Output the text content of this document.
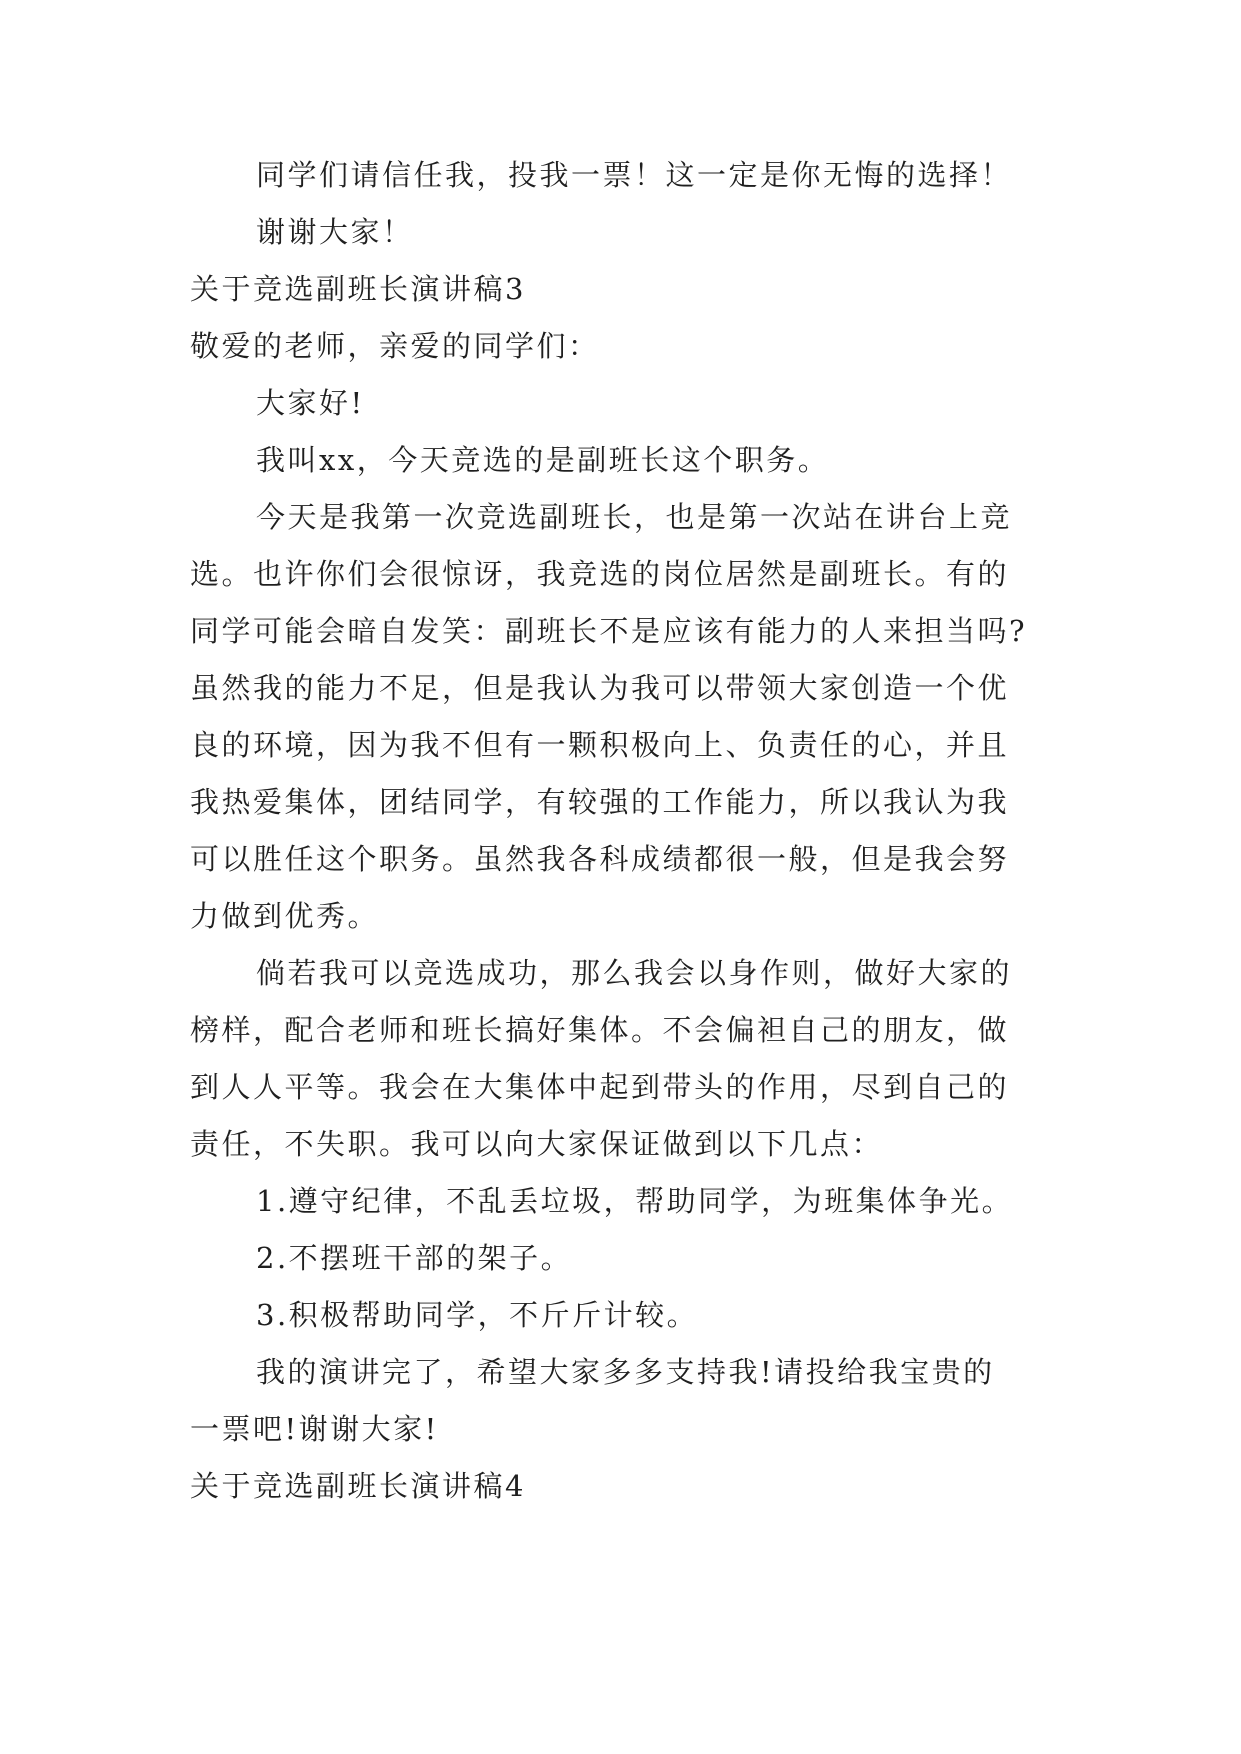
同学们请信任我，投我一票！这一定是你无悔的选择！
谢谢大家！
关于竞选副班长演讲稿3
敬爱的老师，亲爱的同学们：
大家好!
我叫xx，今天竞选的是副班长这个职务。
今天是我第一次竞选副班长，也是第一次站在讲台上竞
选。也许你们会很惊讶，我竞选的岗位居然是副班长。有的
同学可能会暗自发笑：副班长不是应该有能力的人来担当吗?
虽然我的能力不足，但是我认为我可以带领大家创造一个优
良的环境，因为我不但有一颗积极向上、负责任的心，并且
我热爱集体，团结同学，有较强的工作能力，所以我认为我
可以胜任这个职务。虽然我各科成绩都很一般，但是我会努
力做到优秀。
倘若我可以竞选成功，那么我会以身作则，做好大家的
榜样，配合老师和班长搞好集体。不会偏袒自己的朋友，做
到人人平等。我会在大集体中起到带头的作用，尽到自己的
责任，不失职。我可以向大家保证做到以下几点：
1.遵守纪律，不乱丢垃圾，帮助同学，为班集体争光。
2.不摆班干部的架子。
3.积极帮助同学，不斤斤计较。
我的演讲完了，希望大家多多支持我!请投给我宝贵的
一票吧!谢谢大家!
关于竞选副班长演讲稿4
